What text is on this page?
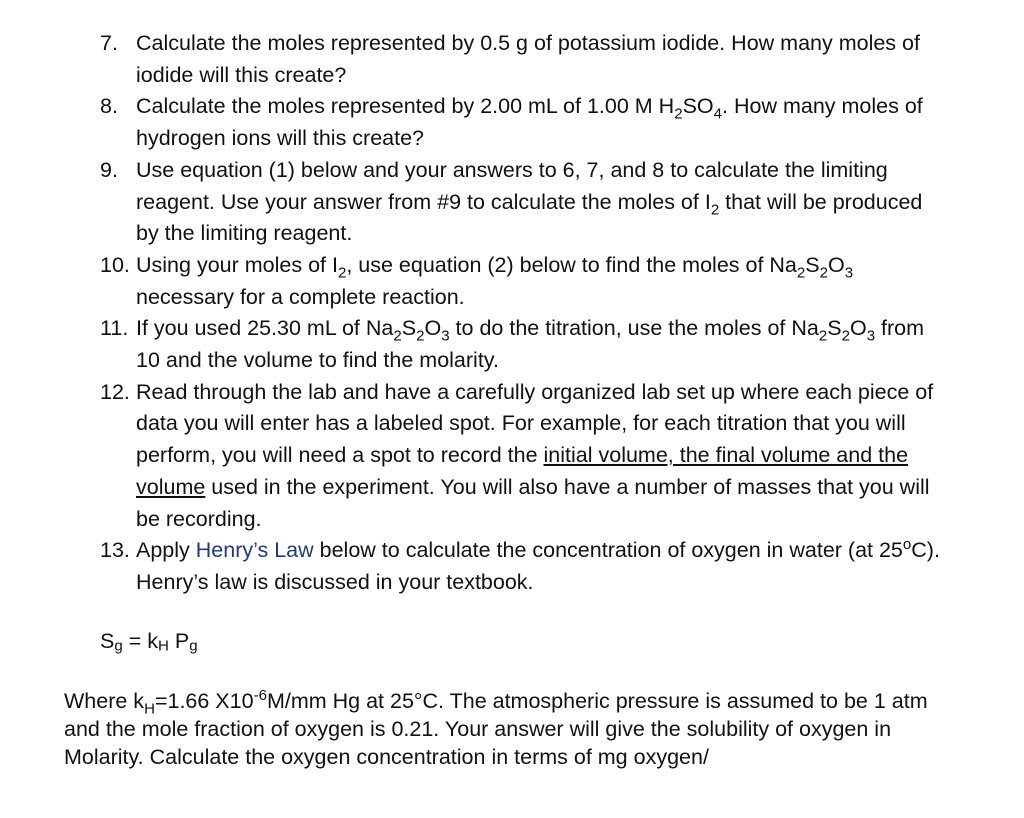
7. Calculate the moles represented by 0.5 g of potassium iodide. How many moles of iodide will this create?
8. Calculate the moles represented by 2.00 mL of 1.00 M $H_2SO_4$. How many moles of hydrogen ions will this create?
9. Use equation (1) below and your answers to 6, 7, and 8 to calculate the limiting reagent. Use your answer from #9 to calculate the moles of $I_2$ that will be produced by the limiting reagent.
10. Using your moles of $I_2$, use equation (2) below to find the moles of $Na_2S_2O_3$ necessary for a complete reaction.
11. If you used 25.30 mL of $Na_2S_2O_3$ to do the titration, use the moles of $Na_2S_2O_3$ from 10 and the volume to find the molarity.
12. Read through the lab and have a carefully organized lab set up where each piece of data you will enter has a labeled spot. For example, for each titration that you will perform, you will need a spot to record the initial volume, the final volume and the volume used in the experiment. You will also have a number of masses that you will be recording.
13. Apply Henry’s Law below to calculate the concentration of oxygen in water (at 25$^o$C). Henry’s law is discussed in your textbook.
$S_g = k_H$ $P_g$

Where $k_H=1.66$ $X10^{-6}M/mm$ Hg at 25°C. The atmospheric pressure is assumed to be 1 atm and the mole fraction of oxygen is 0.21. Your answer will give the solubility of oxygen in Molarity. Calculate the oxygen concentration in terms of mg oxygen/
